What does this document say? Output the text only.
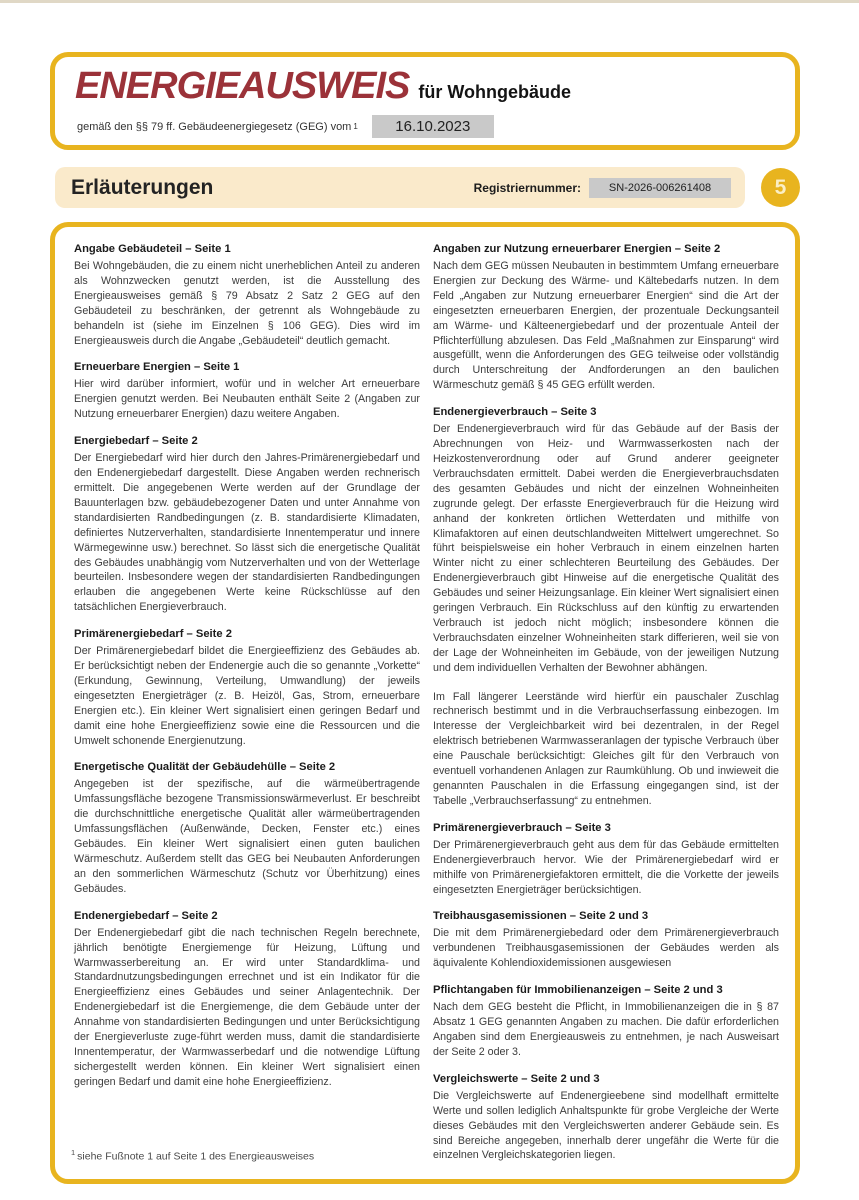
ENERGIEAUSWEIS für Wohngebäude
gemäß den §§ 79 ff. Gebäudeenergiegesetz (GEG) vom 1	16.10.2023
Erläuterungen	Registriernummer:	SN-2026-006261408	5
Angabe Gebäudeteil – Seite 1

Bei Wohngebäuden, die zu einem nicht unerheblichen Anteil zu anderen als Wohnzwecken genutzt werden, ist die Ausstellung des Energieausweises gemäß § 79 Absatz 2 Satz 2 GEG auf den Gebäudeteil zu beschränken, der getrennt als Wohngebäude zu behandeln ist (siehe im Einzelnen § 106 GEG). Dies wird im Energieausweis durch die Angabe „Gebäudeteil“ deutlich gemacht.

Erneuerbare Energien – Seite 1

Hier wird darüber informiert, wofür und in welcher Art erneuerbare Energien genutzt werden. Bei Neubauten enthält Seite 2 (Angaben zur Nutzung erneuerbarer Energien) dazu weitere Angaben.

Energiebedarf – Seite 2

Der Energiebedarf wird hier durch den Jahres-Primärenergiebedarf und den Endenergiebedarf dargestellt. Diese Angaben werden rechnerisch ermittelt. Die angegebenen Werte werden auf der Grundlage der Bauunterlagen bzw. gebäudebezogener Daten und unter Annahme von standardisierten Randbedingungen (z. B. standardisierte Klimadaten, definiertes Nutzerverhalten, standardisierte Innentemperatur und innere Wärmegewinne usw.) berechnet. So lässt sich die energetische Qualität des Gebäudes unabhängig vom Nutzerverhalten und von der Wetterlage beurteilen. Insbesondere wegen der standardisierten Randbedingungen erlauben die angegebenen Werte keine Rückschlüsse auf den tatsächlichen Energieverbrauch.

Primärenergiebedarf – Seite 2

Der Primärenergiebedarf bildet die Energieeffizienz des Gebäudes ab. Er berücksichtigt neben der Endenergie auch die so genannte „Vorkette“ (Erkundung, Gewinnung, Verteilung, Umwandlung) der jeweils eingesetzten Energieträger (z. B. Heizöl, Gas, Strom, erneuerbare Energien etc.). Ein kleiner Wert signalisiert einen geringen Bedarf und damit eine hohe Energieeffizienz sowie eine die Ressourcen und die Umwelt schonende Energienutzung.

Energetische Qualität der Gebäudehülle – Seite 2

Angegeben ist der spezifische, auf die wärmeübertragende Umfassungsfläche bezogene Transmissionswärmeverlust. Er beschreibt die durchschnittliche energetische Qualität aller wärmeübertragenden Umfassungsflächen (Außenwände, Decken, Fenster etc.) eines Gebäudes. Ein kleiner Wert signalisiert einen guten baulichen Wärmeschutz. Außerdem stellt das GEG bei Neubauten Anforderungen an den sommerlichen Wärmeschutz (Schutz vor Überhitzung) eines Gebäudes.

Endenergiebedarf – Seite 2

Der Endenergiebedarf gibt die nach technischen Regeln berechnete, jährlich benötigte Energiemenge für Heizung, Lüftung und Warmwasserbereitung an. Er wird unter Standardklima- und Standardnutzungsbedingungen errechnet und ist ein Indikator für die Energieeffizienz eines Gebäudes und seiner Anlagentechnik. Der Endenergiebedarf ist die Energiemenge, die dem Gebäude unter der Annahme von standardisierten Bedingungen und unter Berücksichtigung der Energieverluste zuge-führt werden muss, damit die standardisierte Innentemperatur, der Warmwasserbedarf und die notwendige Lüftung sichergestellt werden können. Ein kleiner Wert signalisiert einen geringen Bedarf und damit eine hohe Energieeffizienz.

Angaben zur Nutzung erneuerbarer Energien – Seite 2

Nach dem GEG müssen Neubauten in bestimmtem Umfang erneuerbare Energien zur Deckung des Wärme- und Kältebedarfs nutzen. In dem Feld „Angaben zur Nutzung erneuerbarer Energien“ sind die Art der eingesetzten erneuerbaren Energien, der prozentuale Deckungsanteil am Wärme- und Kälteenergiebedarf und der prozentuale Anteil der Pflichterfüllung abzulesen. Das Feld „Maßnahmen zur Einsparung“ wird ausgefüllt, wenn die Anforderungen des GEG teilweise oder vollständig durch Unterschreitung der Andforderungen an den baulichen Wärmeschutz gemäß § 45 GEG erfüllt werden.

Endenergieverbrauch – Seite 3

Der Endenergieverbrauch wird für das Gebäude auf der Basis der Abrechnungen von Heiz- und Warmwasserkosten nach der Heizkostenverordnung oder auf Grund anderer geeigneter Verbrauchsdaten ermittelt. Dabei werden die Energieverbrauchsdaten des gesamten Gebäudes und nicht der einzelnen Wohneinheiten zugrunde gelegt. Der erfasste Energieverbrauch für die Heizung wird anhand der konkreten örtlichen Wetterdaten und mithilfe von Klimafaktoren auf einen deutschlandweiten Mittelwert umgerechnet. So führt beispielsweise ein hoher Verbrauch in einem einzelnen harten Winter nicht zu einer schlechteren Beurteilung des Gebäudes. Der Endenergieverbrauch gibt Hinweise auf die energetische Qualität des Gebäudes und seiner Heizungsanlage. Ein kleiner Wert signalisiert einen geringen Verbrauch. Ein Rückschluss auf den künftig zu erwartenden Verbrauch ist jedoch nicht möglich; insbesondere können die Verbrauchsdaten einzelner Wohneinheiten stark differieren, weil sie von der Lage der Wohneinheiten im Gebäude, von der jeweiligen Nutzung und dem individuellen Verhalten der Bewohner abhängen.

Im Fall längerer Leerstände wird hierfür ein pauschaler Zuschlag rechnerisch bestimmt und in die Verbrauchserfassung einbezogen. Im Interesse der Vergleichbarkeit wird bei dezentralen, in der Regel elektrisch betriebenen Warmwasseranlagen der typische Verbrauch über eine Pauschale berücksichtigt: Gleiches gilt für den Verbrauch von eventuell vorhandenen Anlagen zur Raumkühlung. Ob und inwieweit die genannten Pauschalen in die Erfassung eingegangen sind, ist der Tabelle „Verbrauchserfassung“ zu entnehmen.

Primärenergieverbrauch – Seite 3

Der Primärenergieverbrauch geht aus dem für das Gebäude ermittelten Endenergieverbrauch hervor. Wie der Primärenergiebedarf wird er mithilfe von Primärenergiefaktoren ermittelt, die die Vorkette der jeweils eingesetzten Energieträger berücksichtigen.

Treibhausgasemissionen – Seite 2 und 3

Die mit dem Primärenergiebedard oder dem Primärenergieverbrauch verbundenen Treibhausgasemissionen der Gebäudes werden als äquivalente Kohlendioxidemissionen ausgewiesen

Pflichtangaben für Immobilienanzeigen – Seite 2 und 3

Nach dem GEG besteht die Pflicht, in Immobilienanzeigen die in § 87 Absatz 1 GEG genannten Angaben zu machen. Die dafür erforderlichen Angaben sind dem Energieausweis zu entnehmen, je nach Ausweisart der Seite 2 oder 3.

Vergleichswerte – Seite 2 und 3

Die Vergleichswerte auf Endenergieebene sind modellhaft ermittelte Werte und sollen lediglich Anhaltspunkte für grobe Vergleiche der Werte dieses Gebäudes mit den Vergleichswerten anderer Gebäude sein. Es sind Bereiche angegeben, innerhalb derer ungefähr die Werte für die einzelnen Vergleichskategorien liegen.

$^1$ siehe Fußnote 1 auf Seite 1 des Energieausweises
